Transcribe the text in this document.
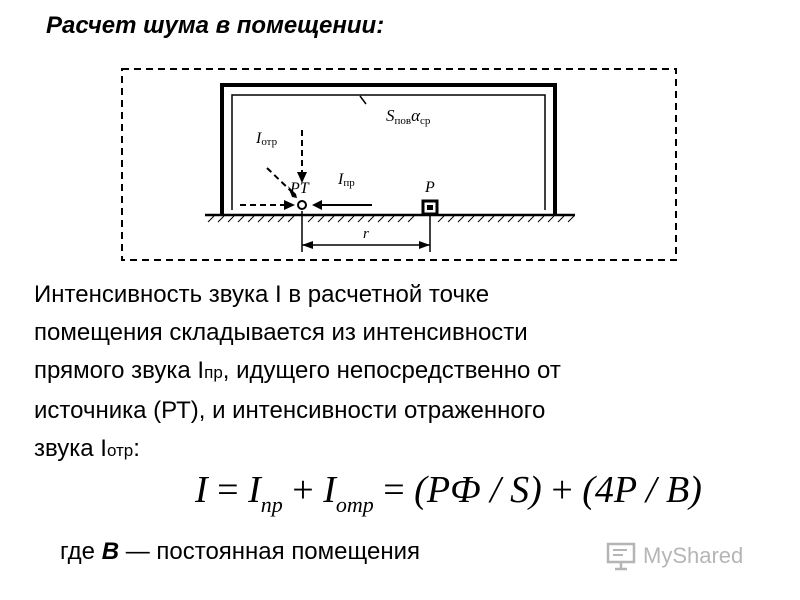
Расчет шума в помещении:
Sповαср
Iотр
Iпр
РТ	P
r
Интенсивность звука I в расчетной точке
помещения складывается из интенсивности
прямого звука Iпр, идущего непосредственно от
источника (РТ), и интенсивности отраженного
звука Iотр:
$I = I_{пр} + I_{отр} = (PФ / S) + (4P / B)$
где В — постоянная помещения	MyShared
